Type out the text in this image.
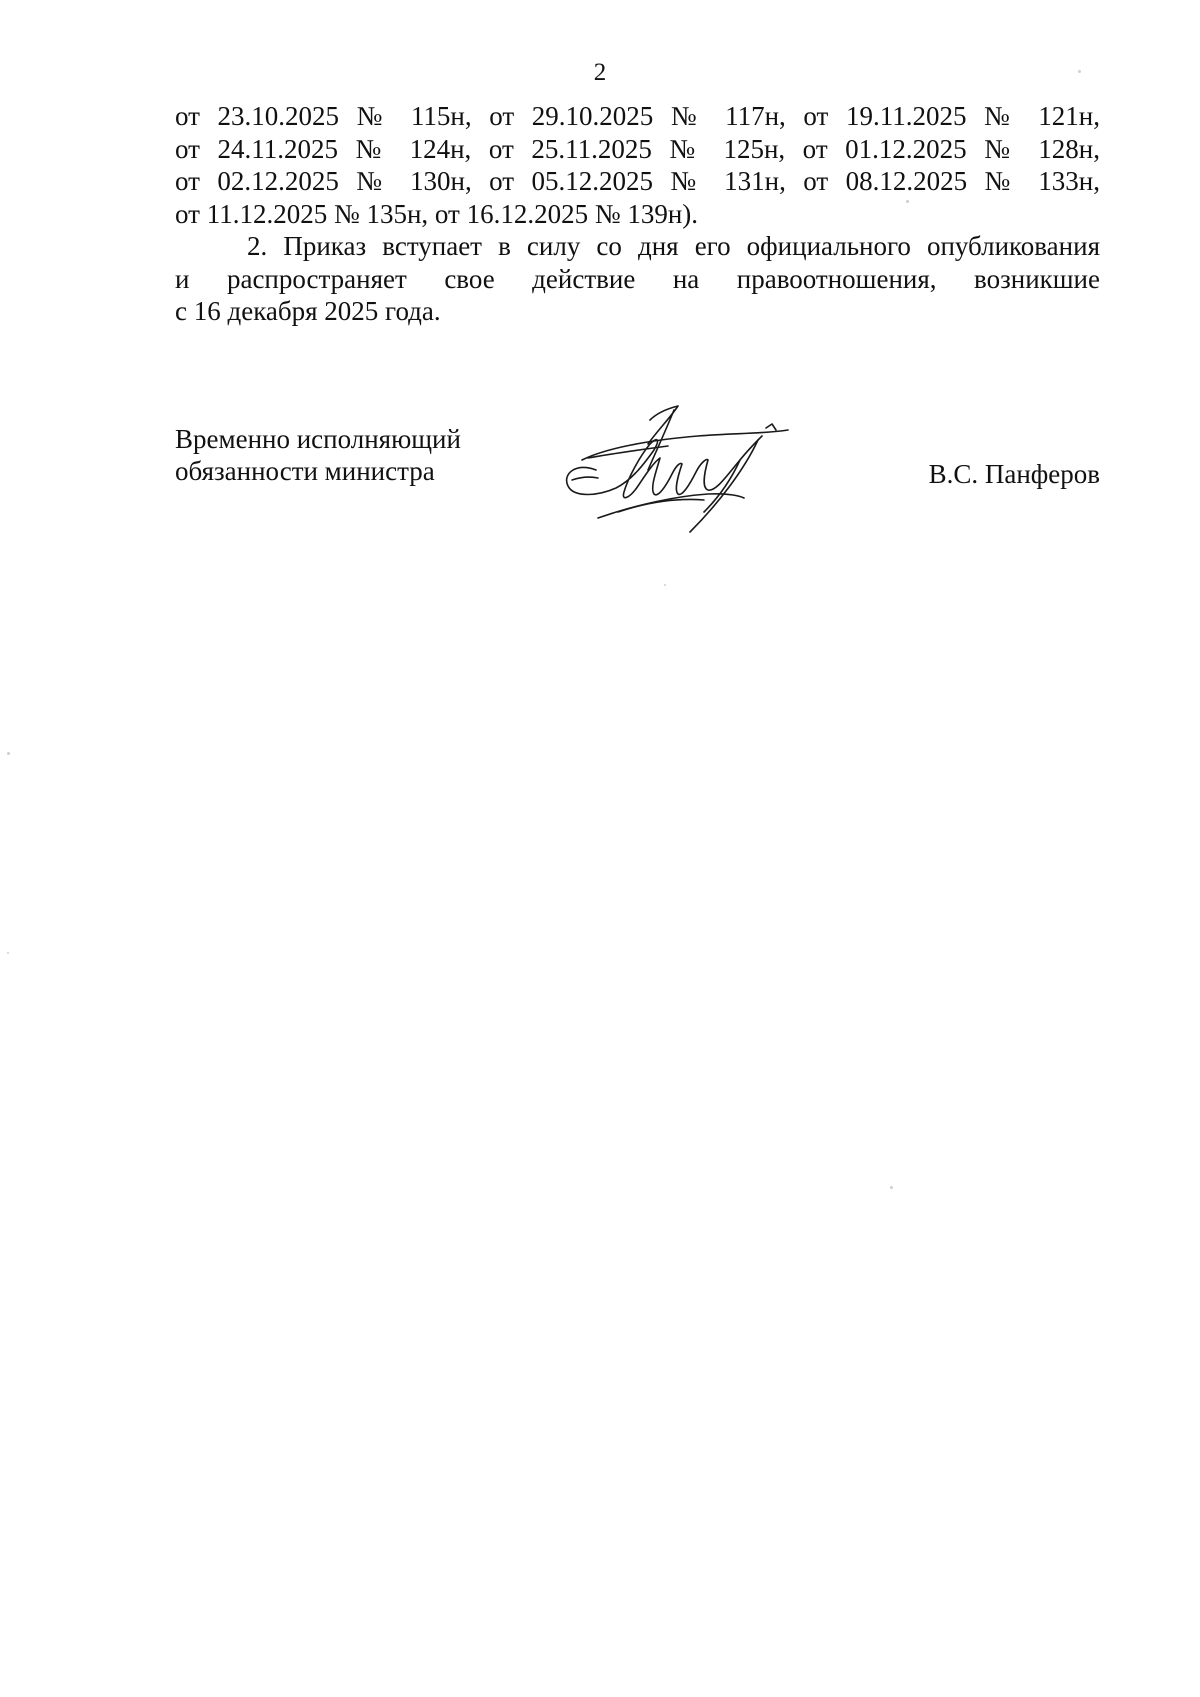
2
от 23.10.2025 № 115н, от 29.10.2025 № 117н, от 19.11.2025 № 121н,
от 24.11.2025 № 124н, от 25.11.2025 № 125н, от 01.12.2025 № 128н,
от 02.12.2025 № 130н, от 05.12.2025 № 131н, от 08.12.2025 № 133н,
от 11.12.2025 № 135н, от 16.12.2025 № 139н).
2. Приказ вступает в силу со дня его официального опубликования
и распространяет свое действие на правоотношения, возникшие
с 16 декабря 2025 года.
Временно исполняющий
обязанности министра	В.С. Панферов
